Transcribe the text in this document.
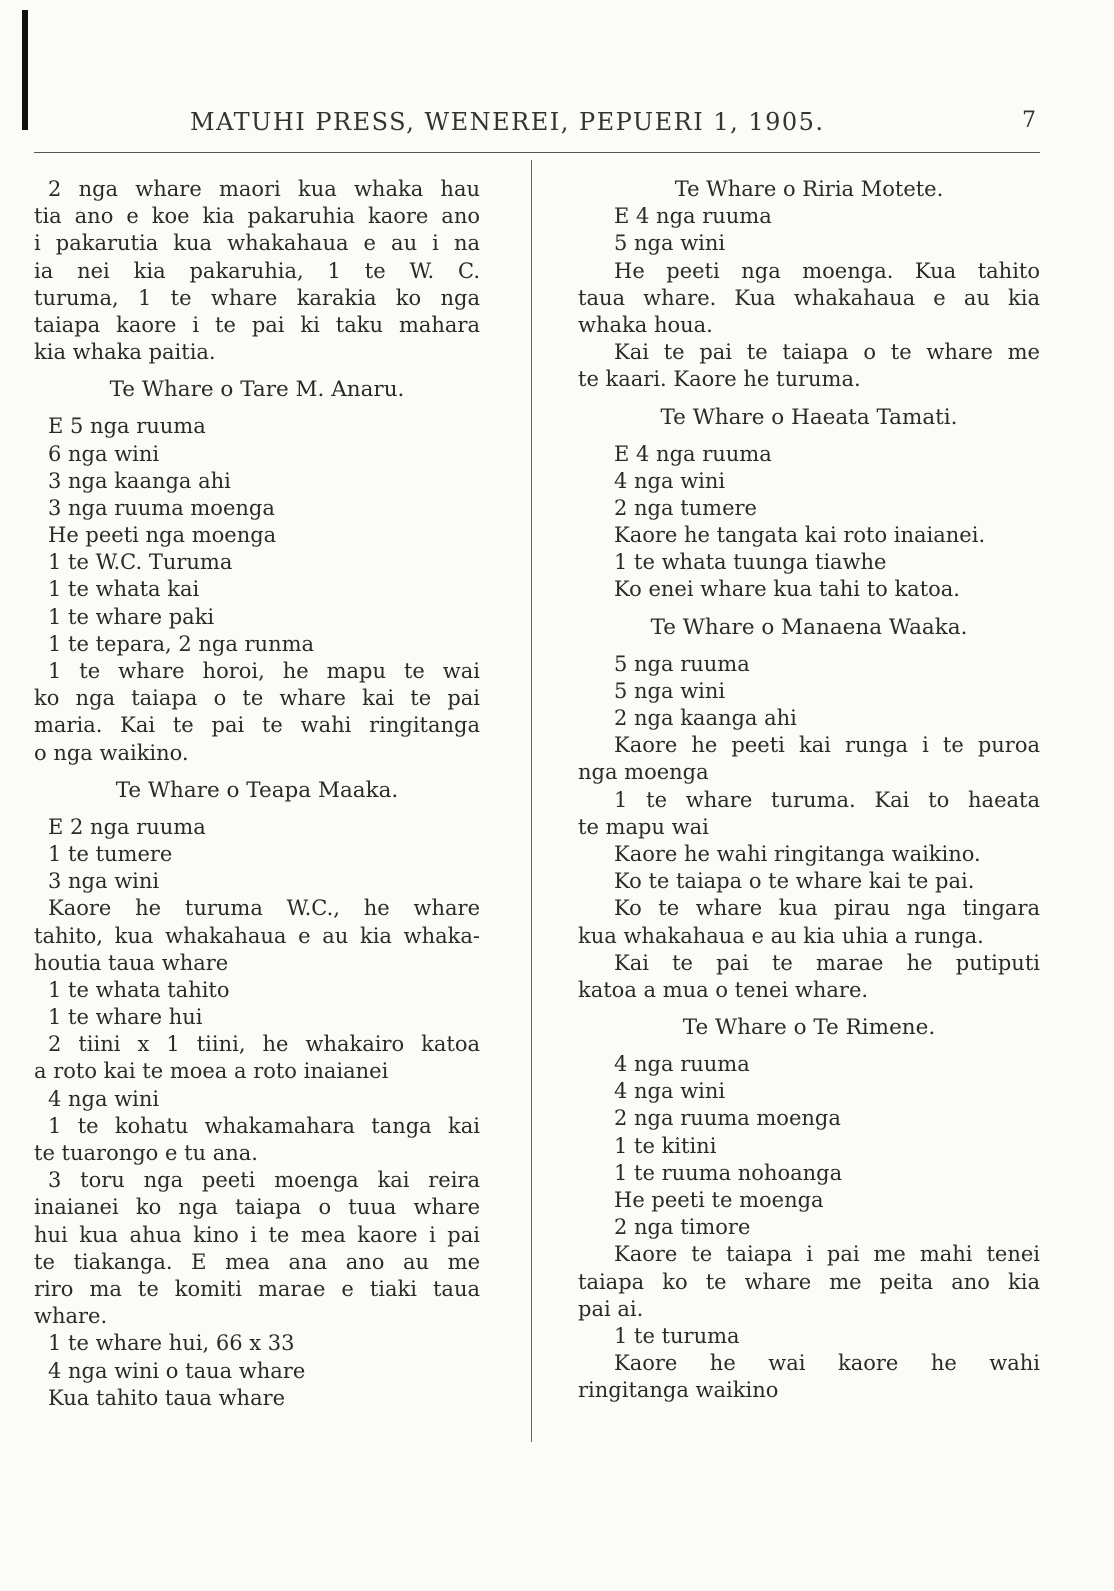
MATUHI PRESS, WENEREI, PEPUERI 1, 1905.	7
2 nga whare maori kua whaka hau
tia ano e koe kia pakaruhia kaore ano
i pakarutia kua whakahaua e au i na
ia nei kia pakaruhia, 1 te W. C.
turuma, 1 te whare karakia ko nga
taiapa kaore i te pai ki taku mahara
kia whaka paitia.
Te Whare o Tare M. Anaru.
E 5 nga ruuma
6 nga wini
3 nga kaanga ahi
3 nga ruuma moenga
He peeti nga moenga
1 te W.C. Turuma
1 te whata kai
1 te whare paki
1 te tepara, 2 nga runma
1 te whare horoi, he mapu te wai
ko nga taiapa o te whare kai te pai
maria. Kai te pai te wahi ringitanga
o nga waikino.
Te Whare o Teapa Maaka.
E 2 nga ruuma
1 te tumere
3 nga wini
Kaore he turuma W.C., he whare
tahito, kua whakahaua e au kia whaka-
houtia taua whare
1 te whata tahito
1 te whare hui
2 tiini x 1 tiini, he whakairo katoa
a roto kai te moea a roto inaianei
4 nga wini
1 te kohatu whakamahara tanga kai
te tuarongo e tu ana.
3 toru nga peeti moenga kai reira
inaianei ko nga taiapa o tuua whare
hui kua ahua kino i te mea kaore i pai
te tiakanga. E mea ana ano au me
riro ma te komiti marae e tiaki taua
whare.
1 te whare hui, 66 x 33
4 nga wini o taua whare
Kua tahito taua whare
Te Whare o Riria Motete.
E 4 nga ruuma
5 nga wini
He peeti nga moenga. Kua tahito
taua whare. Kua whakahaua e au kia
whaka houa.
Kai te pai te taiapa o te whare me
te kaari. Kaore he turuma.
Te Whare o Haeata Tamati.
E 4 nga ruuma
4 nga wini
2 nga tumere
Kaore he tangata kai roto inaianei.
1 te whata tuunga tiawhe
Ko enei whare kua tahi to katoa.
Te Whare o Manaena Waaka.
5 nga ruuma
5 nga wini
2 nga kaanga ahi
Kaore he peeti kai runga i te puroa
nga moenga
1 te whare turuma. Kai to haeata
te mapu wai
Kaore he wahi ringitanga waikino.
Ko te taiapa o te whare kai te pai.
Ko te whare kua pirau nga tingara
kua whakahaua e au kia uhia a runga.
Kai te pai te marae he putiputi
katoa a mua o tenei whare.
Te Whare o Te Rimene.
4 nga ruuma
4 nga wini
2 nga ruuma moenga
1 te kitini
1 te ruuma nohoanga
He peeti te moenga
2 nga timore
Kaore te taiapa i pai me mahi tenei
taiapa ko te whare me peita ano kia
pai ai.
1 te turuma
Kaore he wai kaore he wahi
ringitanga waikino
